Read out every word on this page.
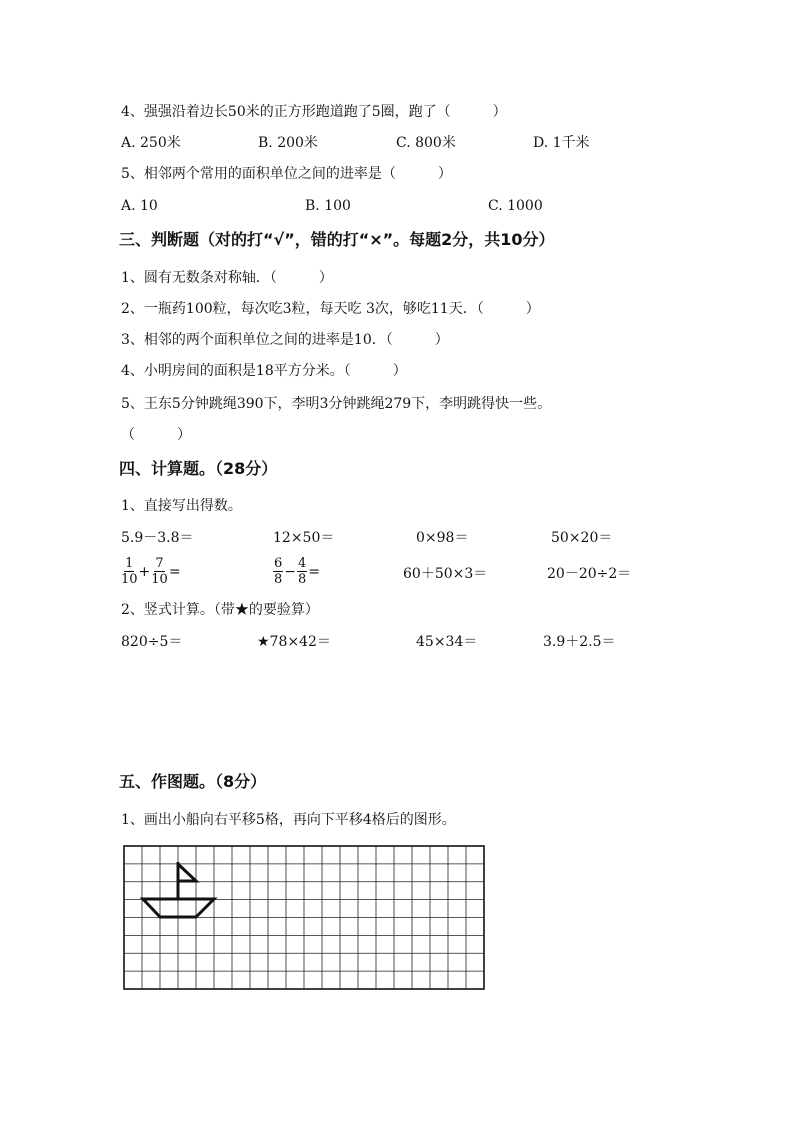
4、强强沿着边长50米的正方形跑道跑了5圈，跑了（　　　）
A. 250米	B. 200米	C. 800米	D. 1千米
5、相邻两个常用的面积单位之间的进率是（　　　）
A. 10	B. 100	C. 1000
三、判断题（对的打“√”，错的打“×”。每题2分，共10分）
1、圆有无数条对称轴．（　　　）
2、一瓶药100粒，每次吃3粒，每天吃 3次，够吃11天．（　　　）
3、相邻的两个面积单位之间的进率是10．（　　　）
4、小明房间的面积是18平方分米。（　　　）
5、王东5分钟跳绳390下，李明3分钟跳绳279下，李明跳得快一些。
（　　　）
四、计算题。（28分）
1、直接写出得数。
5.9－3.8＝	12×50＝	0×98＝	50×20＝
$\frac{1}{10} + \frac{7}{10}$ =	$\frac{6}{8} - \frac{4}{8}$ =	60＋50×3＝	20－20÷2＝
2、竖式计算。（带★的要验算）
820÷5＝	★78×42＝	45×34＝	3.9＋2.5＝
五、作图题。（8分）
1、画出小船向右平移5格，再向下平移4格后的图形。
